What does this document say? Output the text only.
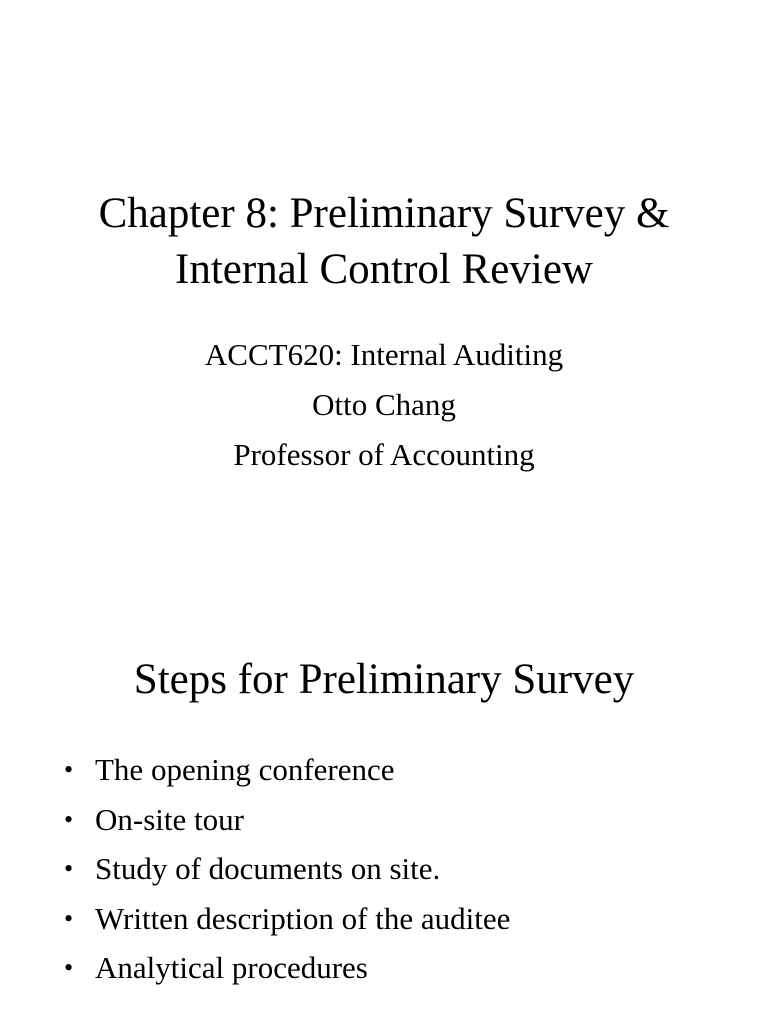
Chapter 8: Preliminary Survey &
Internal Control Review
ACCT620: Internal Auditing
Otto Chang
Professor of Accounting
Steps for Preliminary Survey
• The opening conference
• On-site tour
• Study of documents on site.
• Written description of the auditee
• Analytical procedures
